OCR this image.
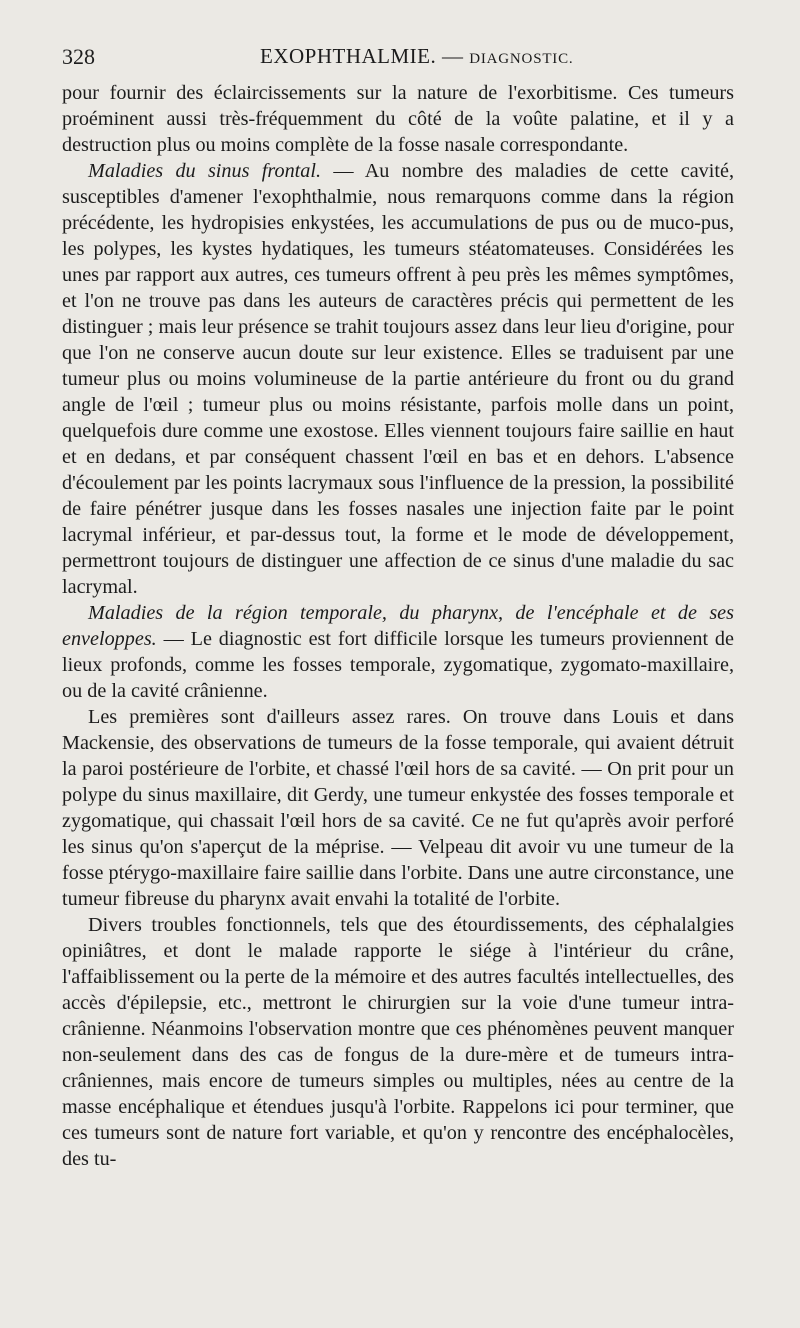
328	EXOPHTHALMIE. — DIAGNOSTIC.

pour fournir des éclaircissements sur la nature de l'exorbitisme. Ces tumeurs proéminent aussi très-fréquemment du côté de la voûte palatine, et il y a destruction plus ou moins complète de la fosse nasale correspondante.

Maladies du sinus frontal. — Au nombre des maladies de cette cavité, susceptibles d'amener l'exophthalmie, nous remarquons comme dans la région précédente, les hydropisies enkystées, les accumulations de pus ou de muco-pus, les polypes, les kystes hydatiques, les tumeurs stéatomateuses. Considérées les unes par rapport aux autres, ces tumeurs offrent à peu près les mêmes symptômes, et l'on ne trouve pas dans les auteurs de caractères précis qui permettent de les distinguer ; mais leur présence se trahit toujours assez dans leur lieu d'origine, pour que l'on ne conserve aucun doute sur leur existence. Elles se traduisent par une tumeur plus ou moins volumineuse de la partie antérieure du front ou du grand angle de l'œil ; tumeur plus ou moins résistante, parfois molle dans un point, quelquefois dure comme une exostose. Elles viennent toujours faire saillie en haut et en dedans, et par conséquent chassent l'œil en bas et en dehors. L'absence d'écoulement par les points lacrymaux sous l'influence de la pression, la possibilité de faire pénétrer jusque dans les fosses nasales une injection faite par le point lacrymal inférieur, et par-dessus tout, la forme et le mode de développement, permettront toujours de distinguer une affection de ce sinus d'une maladie du sac lacrymal.

Maladies de la région temporale, du pharynx, de l'encéphale et de ses enveloppes. — Le diagnostic est fort difficile lorsque les tumeurs proviennent de lieux profonds, comme les fosses temporale, zygomatique, zygomato-maxillaire, ou de la cavité crânienne.

Les premières sont d'ailleurs assez rares. On trouve dans Louis et dans Mackensie, des observations de tumeurs de la fosse temporale, qui avaient détruit la paroi postérieure de l'orbite, et chassé l'œil hors de sa cavité. — On prit pour un polype du sinus maxillaire, dit Gerdy, une tumeur enkystée des fosses temporale et zygomatique, qui chassait l'œil hors de sa cavité. Ce ne fut qu'après avoir perforé les sinus qu'on s'aperçut de la méprise. — Velpeau dit avoir vu une tumeur de la fosse ptérygo-maxillaire faire saillie dans l'orbite. Dans une autre circonstance, une tumeur fibreuse du pharynx avait envahi la totalité de l'orbite.

Divers troubles fonctionnels, tels que des étourdissements, des céphalalgies opiniâtres, et dont le malade rapporte le siége à l'intérieur du crâne, l'affaiblissement ou la perte de la mémoire et des autres facultés intellectuelles, des accès d'épilepsie, etc., mettront le chirurgien sur la voie d'une tumeur intra-crânienne. Néanmoins l'observation montre que ces phénomènes peuvent manquer non-seulement dans des cas de fongus de la dure-mère et de tumeurs intra-crâniennes, mais encore de tumeurs simples ou multiples, nées au centre de la masse encéphalique et étendues jusqu'à l'orbite. Rappelons ici pour terminer, que ces tumeurs sont de nature fort variable, et qu'on y rencontre des encéphalocèles, des tu-
